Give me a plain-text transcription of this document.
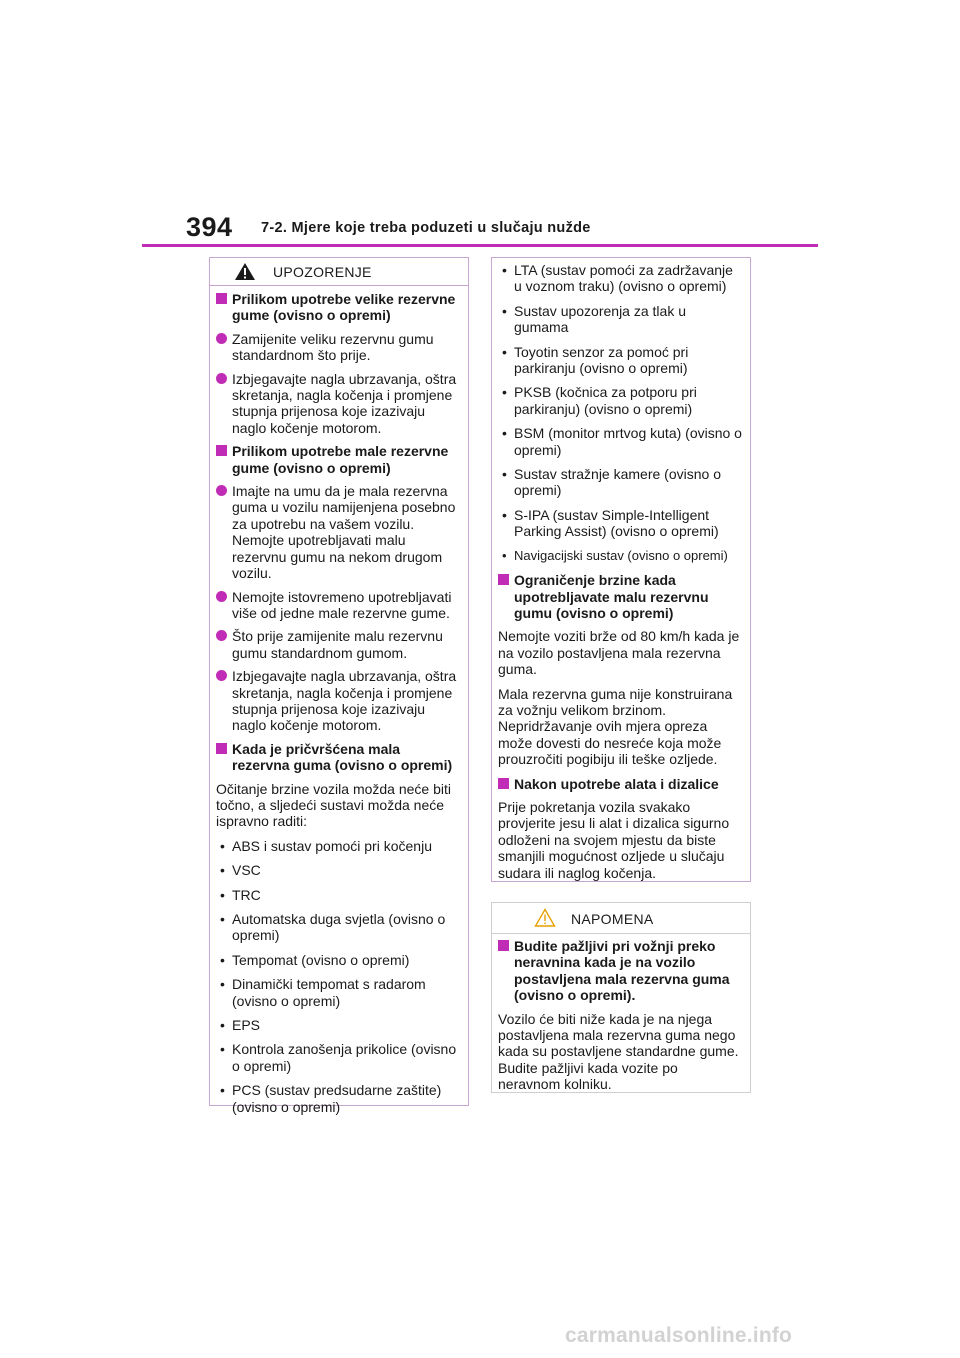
394 7-2. Mjere koje treba poduzeti u slučaju nužde
UPOZORENJE
Prilikom upotrebe velike rezervne gume (ovisno o opremi)
Zamijenite veliku rezervnu gumu standardnom što prije.
Izbjegavajte nagla ubrzavanja, oštra skretanja, nagla kočenja i promjene stupnja prijenosa koje izazivaju naglo kočenje motorom.
Prilikom upotrebe male rezervne gume (ovisno o opremi)
Imajte na umu da je mala rezervna guma u vozilu namijenjena posebno za upotrebu na vašem vozilu. Nemojte upotrebljavati malu rezervnu gumu na nekom drugom vozilu.
Nemojte istovremeno upotrebljavati više od jedne male rezervne gume.
Što prije zamijenite malu rezervnu gumu standardnom gumom.
Izbjegavajte nagla ubrzavanja, oštra skretanja, nagla kočenja i promjene stupnja prijenosa koje izazivaju naglo kočenje motorom.
Kada je pričvršćena mala rezervna guma (ovisno o opremi)

Očitanje brzine vozila možda neće biti točno, a sljedeći sustavi možda neće ispravno raditi:

• ABS i sustav pomoći pri kočenju
• VSC
• TRC
• Automatska duga svjetla (ovisno o opremi)
• Tempomat (ovisno o opremi)
• Dinamički tempomat s radarom (ovisno o opremi)
• EPS
• Kontrola zanošenja prikolice (ovisno o opremi)
• PCS (sustav predsudarne zaštite) (ovisno o opremi)
• LTA (sustav pomoći za zadržavanje u voznom traku) (ovisno o opremi)
• Sustav upozorenja za tlak u gumama
• Toyotin senzor za pomoć pri parkiranju (ovisno o opremi)
• PKSB (kočnica za potporu pri parkiranju) (ovisno o opremi)
• BSM (monitor mrtvog kuta) (ovisno o opremi)
• Sustav stražnje kamere (ovisno o opremi)
• S-IPA (sustav Simple-Intelligent Parking Assist) (ovisno o opremi)
• Navigacijski sustav (ovisno o opremi)
Ograničenje brzine kada upotrebljavate malu rezervnu gumu (ovisno o opremi)

Nemojte voziti brže od 80 km/h kada je na vozilo postavljena mala rezervna guma.

Mala rezervna guma nije konstruirana za vožnju velikom brzinom. Nepridržavanje ovih mjera opreza može dovesti do nesreće koja može prouzročiti pogibiju ili teške ozljede.

Nakon upotrebe alata i dizalice

Prije pokretanja vozila svakako provjerite jesu li alat i dizalica sigurno odloženi na svojem mjestu da biste smanjili mogućnost ozljede u slučaju sudara ili naglog kočenja.

NAPOMENA
Budite pažljivi pri vožnji preko neravnina kada je na vozilo postavljena mala rezervna guma (ovisno o opremi).

Vozilo će biti niže kada je na njega postavljena mala rezervna guma nego kada su postavljene standardne gume. Budite pažljivi kada vozite po neravnom kolniku.

carmanualsonline.info
